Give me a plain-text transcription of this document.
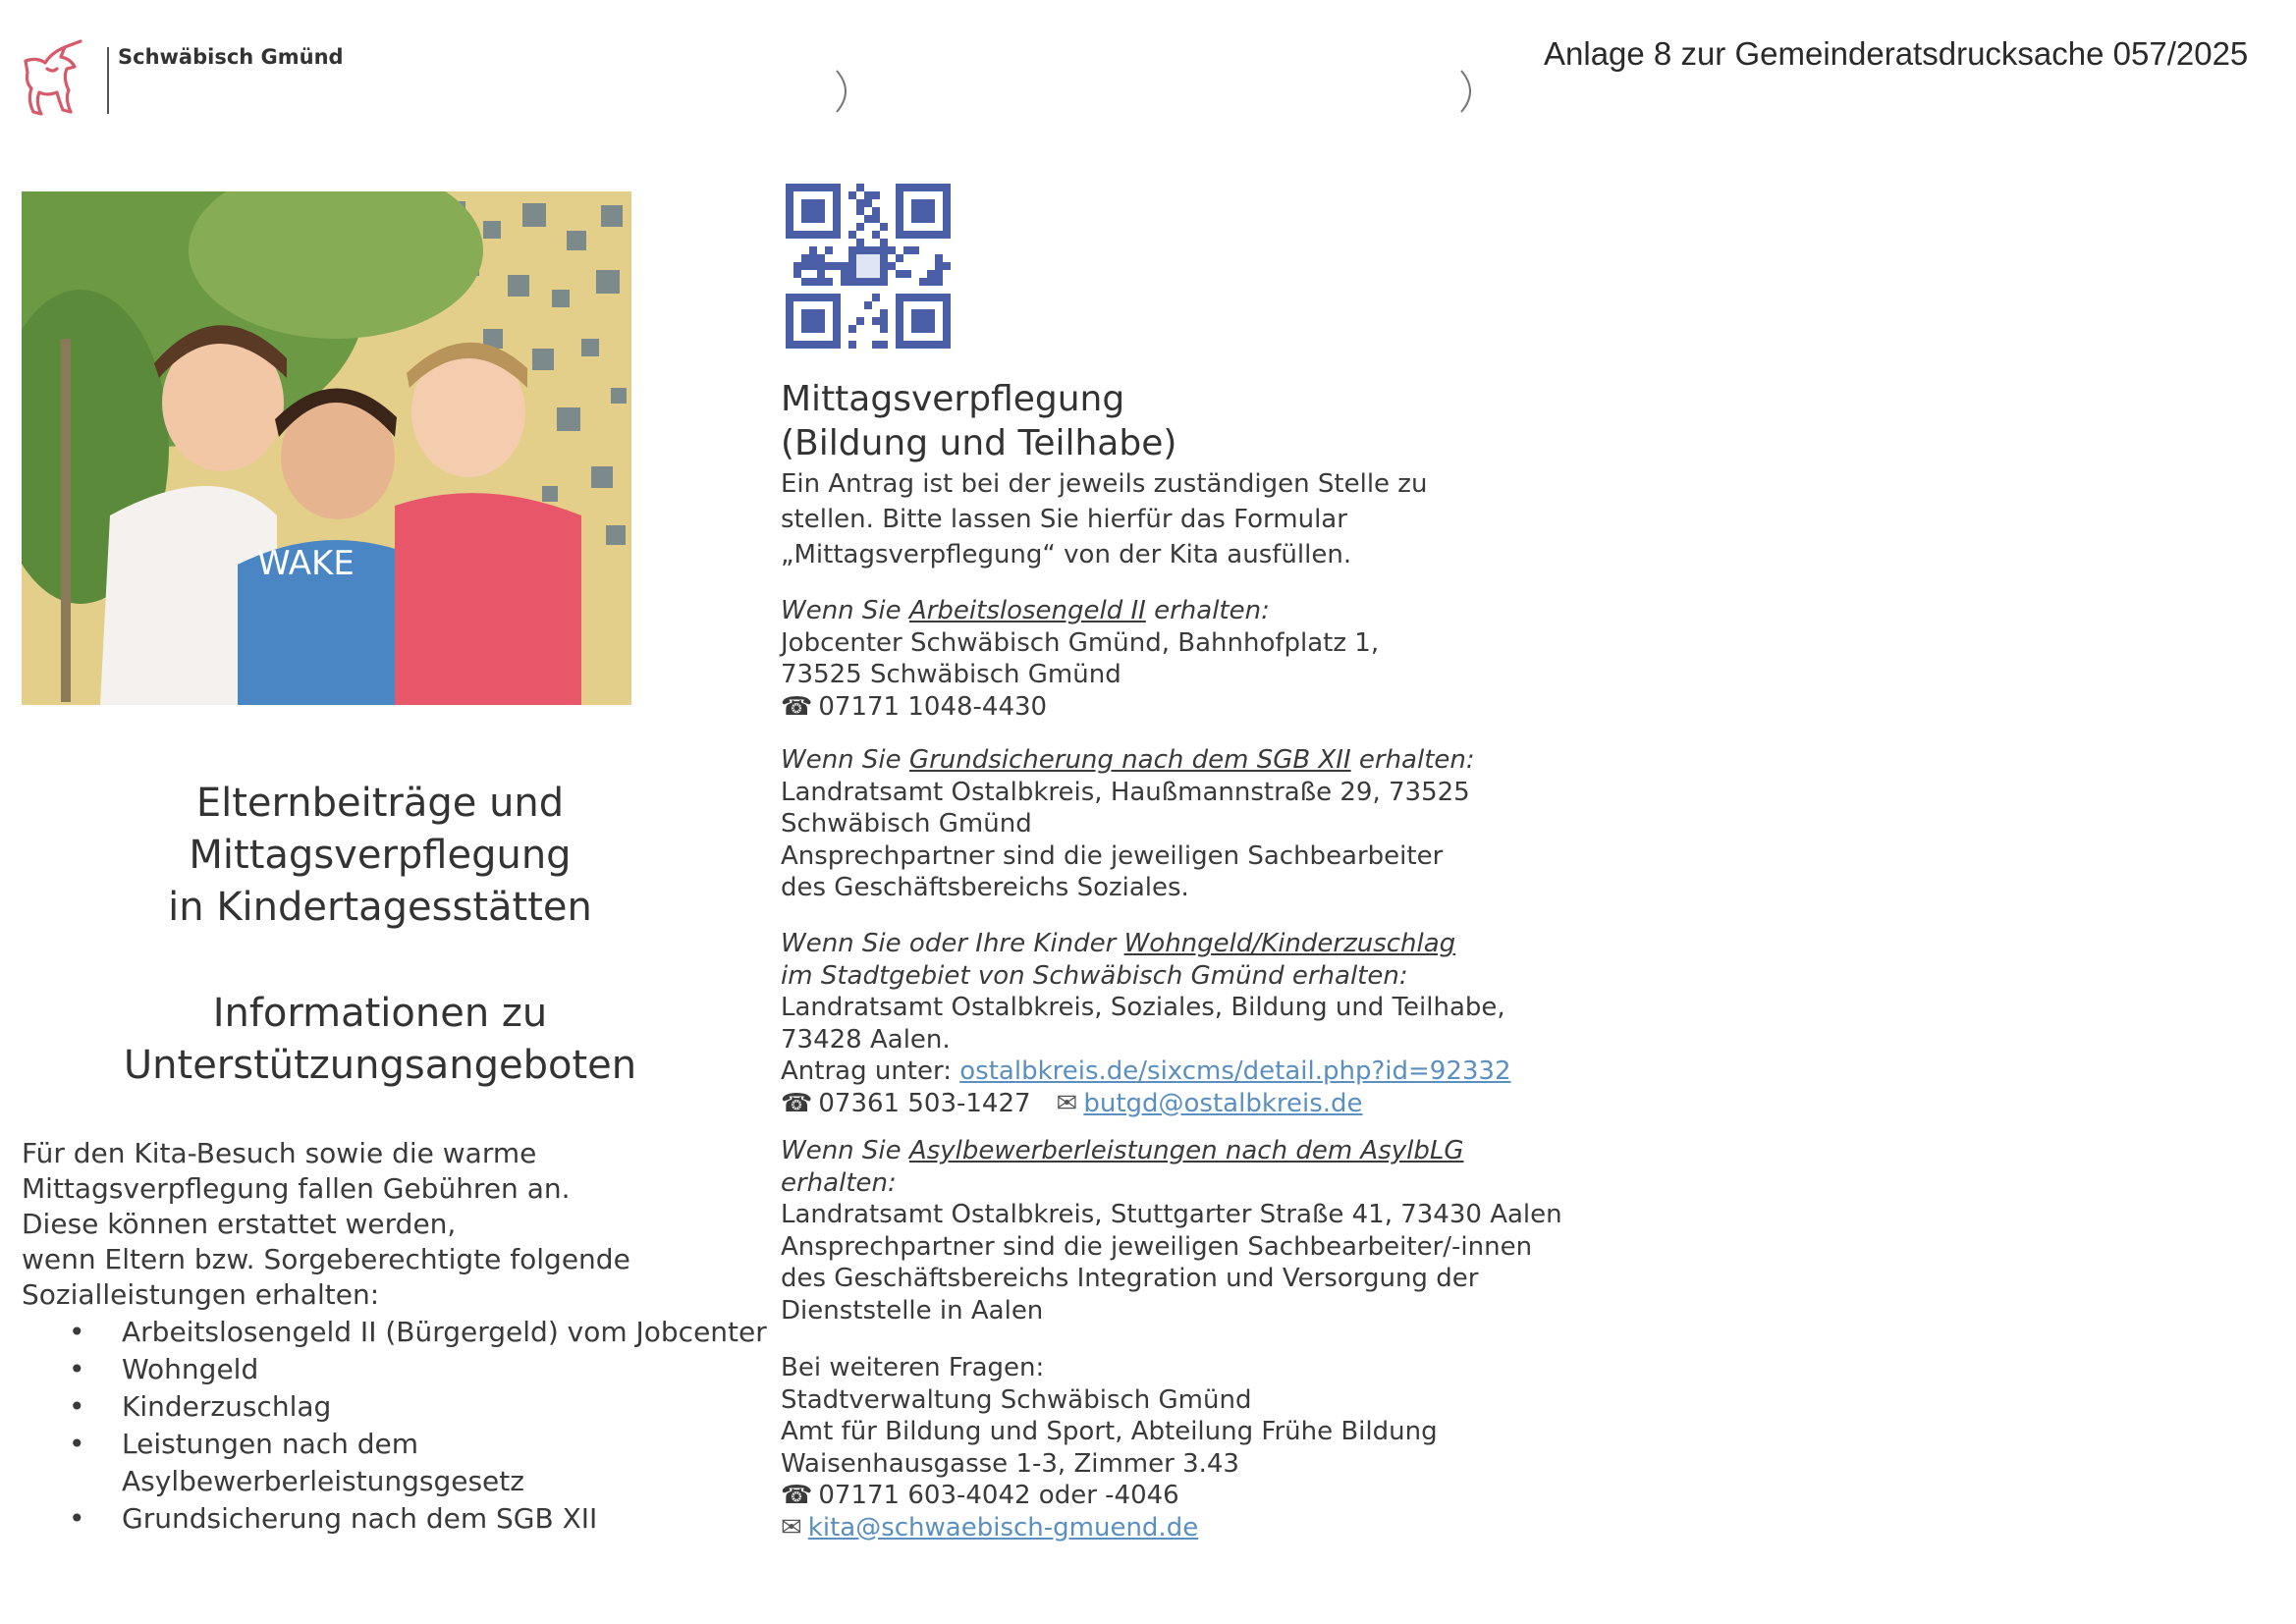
Schwäbisch Gmünd	Anlage 8 zur Gemeinderatsdrucksache 057/2025
WAKE
Elternbeiträge und
Mittagsverpflegung
in Kindertagesstätten
Informationen zu
Unterstützungsangeboten
Für den Kita-Besuch sowie die warme
Mittagsverpflegung fallen Gebühren an.
Diese können erstattet werden,
wenn Eltern bzw. Sorgeberechtigte folgende
Sozialleistungen erhalten:
• Arbeitslosengeld II (Bürgergeld) vom Jobcenter
• Wohngeld
• Kinderzuschlag
• Leistungen nach dem
Asylbewerberleistungsgesetz
• Grundsicherung nach dem SGB XII
Mittagsverpflegung
(Bildung und Teilhabe)
Ein Antrag ist bei der jeweils zuständigen Stelle zu
stellen. Bitte lassen Sie hierfür das Formular
„Mittagsverpflegung“ von der Kita ausfüllen.
Wenn Sie Arbeitslosengeld II erhalten:
Jobcenter Schwäbisch Gmünd, Bahnhofplatz 1,
73525 Schwäbisch Gmünd
☎ 07171 1048-4430
Wenn Sie Grundsicherung nach dem SGB XII erhalten:
Landratsamt Ostalbkreis, Haußmannstraße 29, 73525
Schwäbisch Gmünd
Ansprechpartner sind die jeweiligen Sachbearbeiter
des Geschäftsbereichs Soziales.
Wenn Sie oder Ihre Kinder Wohngeld/Kinderzuschlag
im Stadtgebiet von Schwäbisch Gmünd erhalten:
Landratsamt Ostalbkreis, Soziales, Bildung und Teilhabe,
73428 Aalen.
Antrag unter: ostalbkreis.de/sixcms/detail.php?id=92332
☎ 07361 503-1427 ✉ butgd@ostalbkreis.de
Wenn Sie Asylbewerberleistungen nach dem AsylbLG
erhalten:
Landratsamt Ostalbkreis, Stuttgarter Straße 41, 73430 Aalen
Ansprechpartner sind die jeweiligen Sachbearbeiter/-innen
des Geschäftsbereichs Integration und Versorgung der
Dienststelle in Aalen
Bei weiteren Fragen:
Stadtverwaltung Schwäbisch Gmünd
Amt für Bildung und Sport, Abteilung Frühe Bildung
Waisenhausgasse 1-3, Zimmer 3.43
☎ 07171 603-4042 oder -4046
✉ kita@schwaebisch-gmuend.de
